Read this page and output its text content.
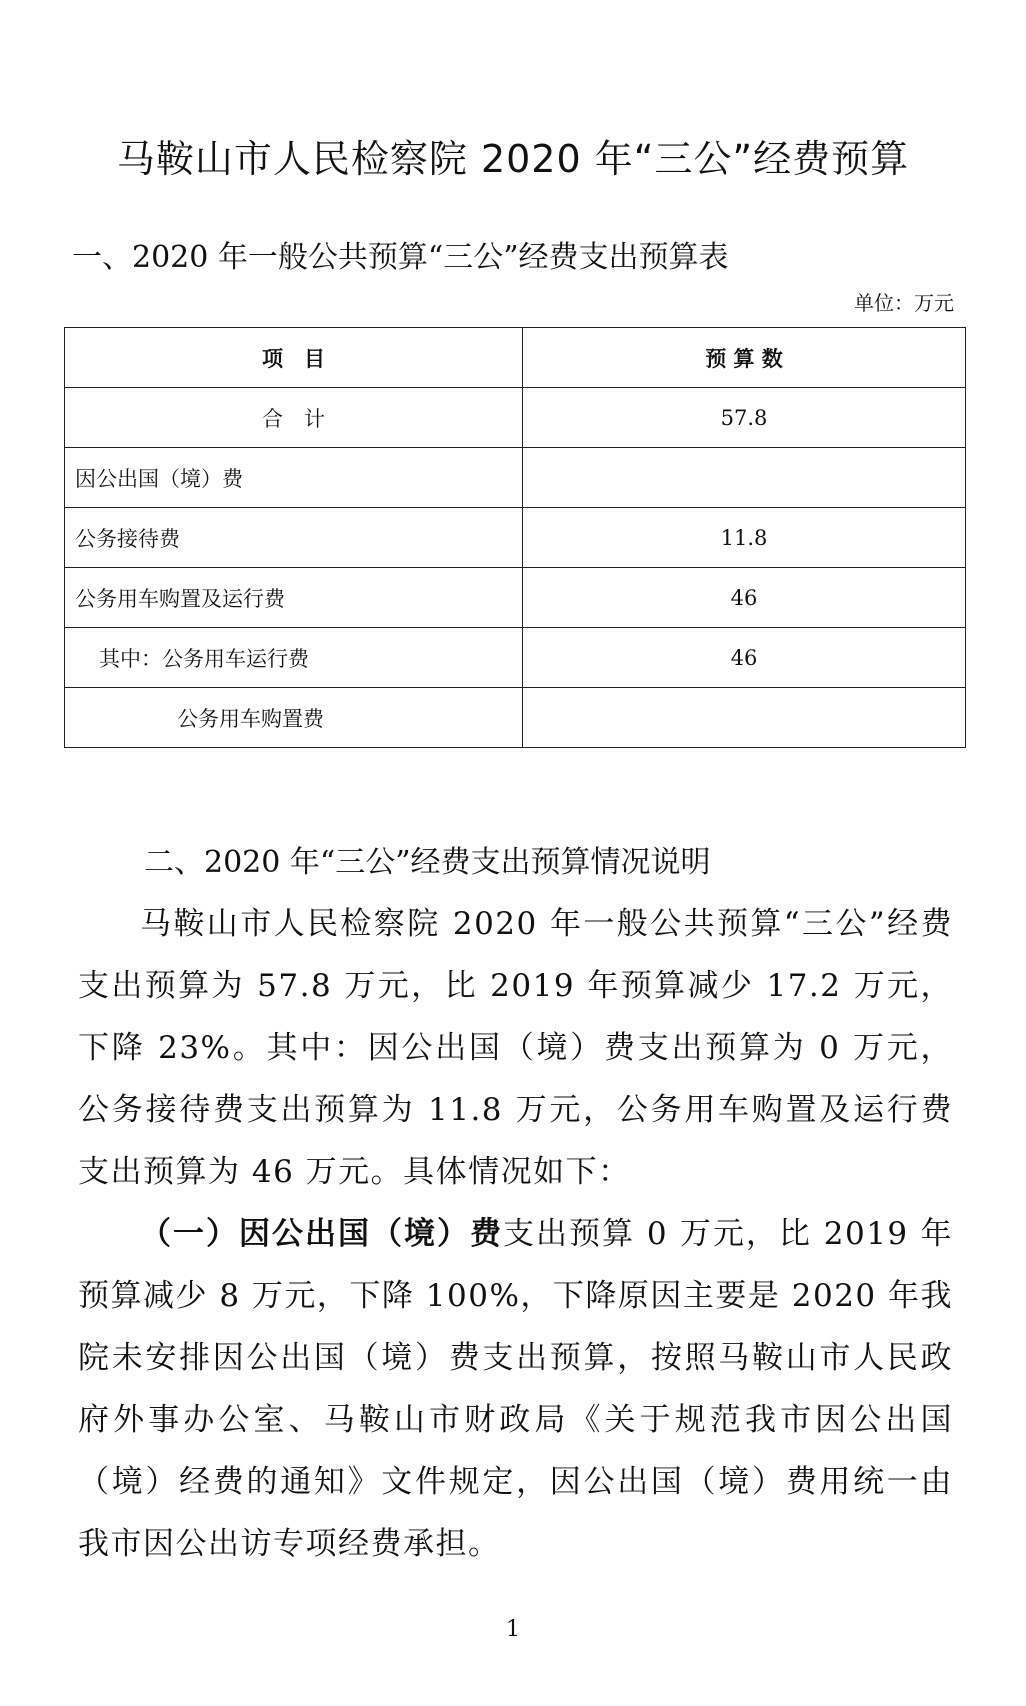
马鞍山市人民检察院 2020 年“三公”经费预算
一、2020 年一般公共预算“三公”经费支出预算表
单位：万元
项　目	预 算 数
合　计	57.8
因公出国（境）费	
公务接待费	11.8
公务用车购置及运行费	46
其中：公务用车运行费	46
公务用车购置费	
二、2020 年“三公”经费支出预算情况说明

马鞍山市人民检察院 2020 年一般公共预算“三公”经费支出预算为 57.8 万元，比 2019 年预算减少 17.2 万元，下降 23%。其中：因公出国（境）费支出预算为 0 万元，公务接待费支出预算为 11.8 万元，公务用车购置及运行费支出预算为 46 万元。具体情况如下：

（一）因公出国（境）费支出预算 0 万元，比 2019 年预算减少 8 万元，下降 100%，下降原因主要是 2020 年我院未安排因公出国（境）费支出预算，按照马鞍山市人民政府外事办公室、马鞍山市财政局《关于规范我市因公出国（境）经费的通知》文件规定，因公出国（境）费用统一由我市因公出访专项经费承担。

1
